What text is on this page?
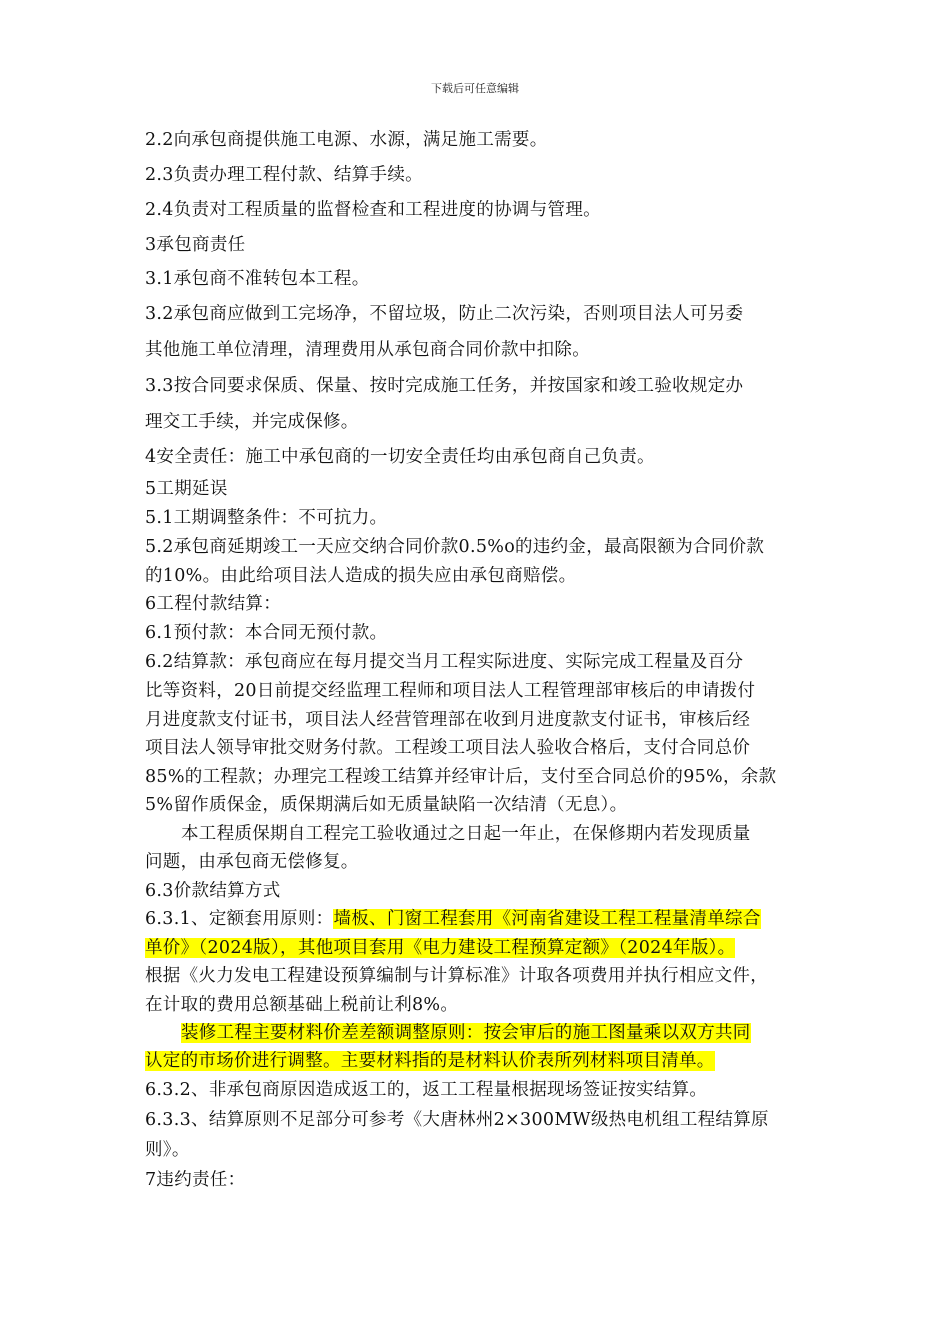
下载后可任意编辑
2.2向承包商提供施工电源、水源，满足施工需要。
2.3负责办理工程付款、结算手续。
2.4负责对工程质量的监督检查和工程进度的协调与管理。
3承包商责任
3.1承包商不准转包本工程。
3.2承包商应做到工完场净，不留垃圾，防止二次污染，否则项目法人可另委
其他施工单位清理，清理费用从承包商合同价款中扣除。
3.3按合同要求保质、保量、按时完成施工任务，并按国家和竣工验收规定办
理交工手续，并完成保修。
4安全责任：施工中承包商的一切安全责任均由承包商自己负责。
5工期延误
5.1工期调整条件：不可抗力。
5.2承包商延期竣工一天应交纳合同价款0.5%o的违约金，最高限额为合同价款
的10%。由此给项目法人造成的损失应由承包商赔偿。
6工程付款结算：
6.1预付款：本合同无预付款。
6.2结算款：承包商应在每月提交当月工程实际进度、实际完成工程量及百分
比等资料，20日前提交经监理工程师和项目法人工程管理部审核后的申请拨付
月进度款支付证书，项目法人经营管理部在收到月进度款支付证书，审核后经
项目法人领导审批交财务付款。工程竣工项目法人验收合格后，支付合同总价
85%的工程款；办理完工程竣工结算并经审计后，支付至合同总价的95%，余款
5%留作质保金，质保期满后如无质量缺陷一次结清（无息）。
本工程质保期自工程完工验收通过之日起一年止，在保修期内若发现质量
问题，由承包商无偿修复。
6.3价款结算方式
6.3.1、定额套用原则：墙板、门窗工程套用《河南省建设工程工程量清单综合
单价》（2024版），其他项目套用《电力建设工程预算定额》（2024年版）。
根据《火力发电工程建设预算编制与计算标准》计取各项费用并执行相应文件，
在计取的费用总额基础上税前让利8%。
装修工程主要材料价差差额调整原则：按会审后的施工图量乘以双方共同
认定的市场价进行调整。主要材料指的是材料认价表所列材料项目清单。
6.3.2、非承包商原因造成返工的，返工工程量根据现场签证按实结算。
6.3.3、结算原则不足部分可参考《大唐林州2×300MW级热电机组工程结算原
则》。
7违约责任：
